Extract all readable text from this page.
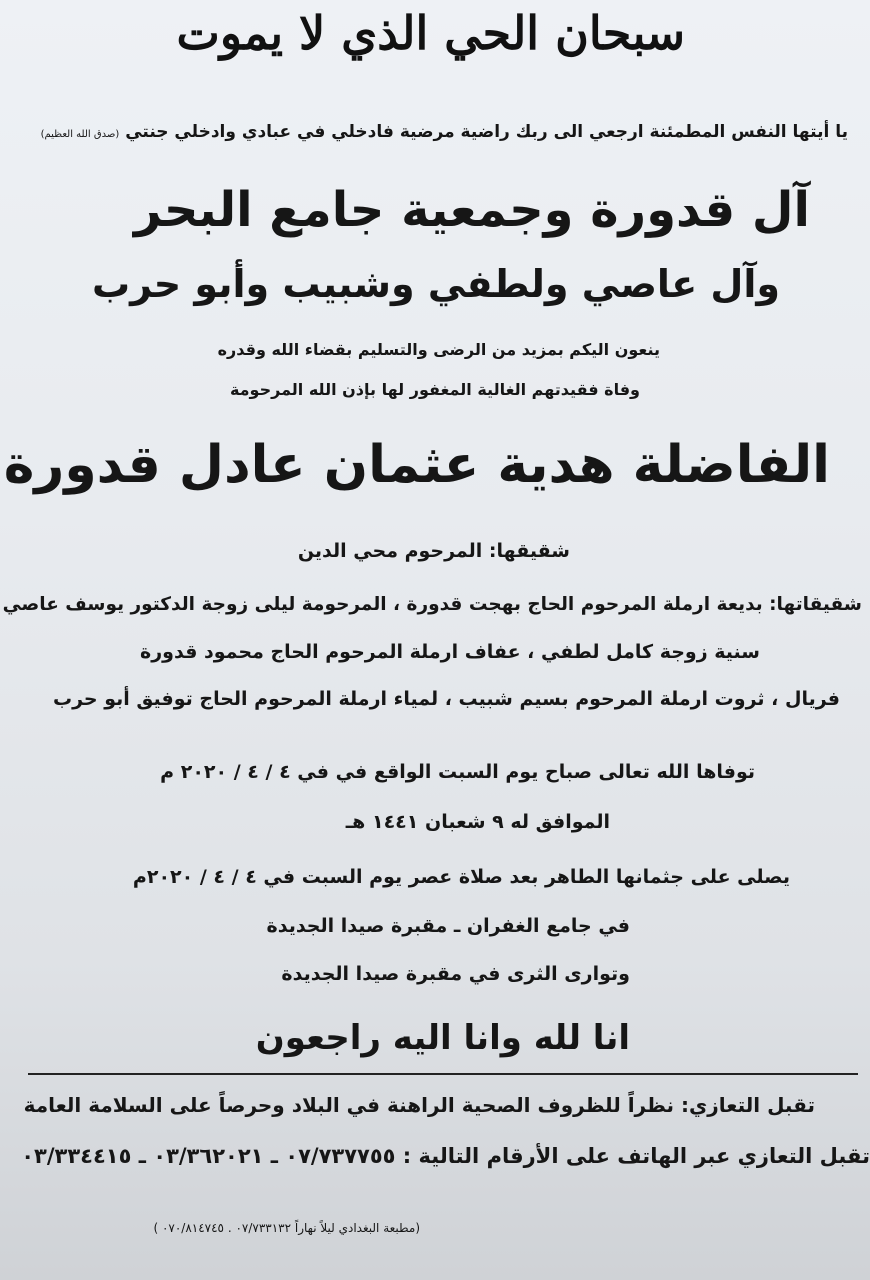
سبحان الحي الذي لا يموت
يا أيتها النفس المطمئنة ارجعي الى ربك راضية مرضية فادخلي في عبادي وادخلي جنتي (صدق الله العظيم)
آل قدورة وجمعية جامع البحر
وآل عاصي ولطفي وشبيب وأبو حرب
ينعون اليكم بمزيد من الرضى والتسليم بقضاء الله وقدره
وفاة فقيدتهم الغالية المغفور لها بإذن الله المرحومة
الفاضلة هدية عثمان عادل قدورة
شقيقها: المرحوم محي الدين
شقيقاتها: بديعة ارملة المرحوم الحاج بهجت قدورة ، المرحومة ليلى زوجة الدكتور يوسف عاصي
سنية زوجة كامل لطفي ، عفاف ارملة المرحوم الحاج محمود قدورة
فريال ، ثروت ارملة المرحوم بسيم شبيب ، لمياء ارملة المرحوم الحاج توفيق أبو حرب
توفاها الله تعالى صباح يوم السبت الواقع في في ٤ / ٤ / ٢٠٢٠ م
الموافق له ٩ شعبان ١٤٤١ هـ
يصلى على جثمانها الطاهر بعد صلاة عصر يوم السبت في ٤ / ٤ / ٢٠٢٠م
في جامع الغفران ـ مقبرة صيدا الجديدة
وتوارى الثرى في مقبرة صيدا الجديدة
انا لله وانا اليه راجعون
تقبل التعازي: نظراً للظروف الصحية الراهنة في البلاد وحرصاً على السلامة العامة
تقبل التعازي عبر الهاتف على الأرقام التالية : ٠٧/٧٣٧٧٥٥ ـ ٠٣/٣٦٢٠٢١ ـ ٠٣/٣٣٤٤١٥
(مطبعة البغدادي ليلاً نهاراً ٠٧/٧٣٣١٣٢ . ٠٧٠/٨١٤٧٤٥ )
